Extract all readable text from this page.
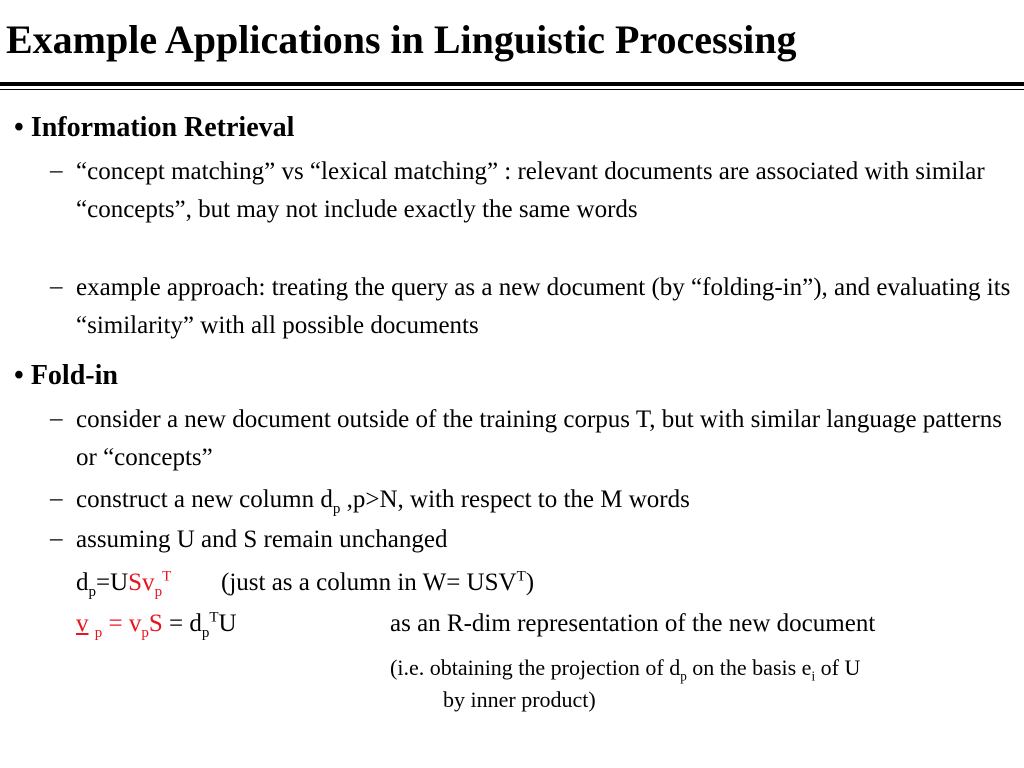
Example Applications in Linguistic Processing
• Information Retrieval
– “concept matching” vs “lexical matching” : relevant documents are associated with similar “concepts”, but may not include exactly the same words
– example approach: treating the query as a new document (by “folding-in”), and evaluating its “similarity” with all possible documents
• Fold-in
– consider a new document outside of the training corpus T, but with similar language patterns or “concepts”
– construct a new column $d_p$ ,p>N, with respect to the M words
– assuming U and S remain unchanged
$d_p=USv_p^T$ (just as a column in $W= USV^T$)
v $_p = v_pS = d_p^TU$	as an R-dim representation of the new document
(i.e. obtaining the projection of $d_p$ on the basis $e_i$ of U
by inner product)
